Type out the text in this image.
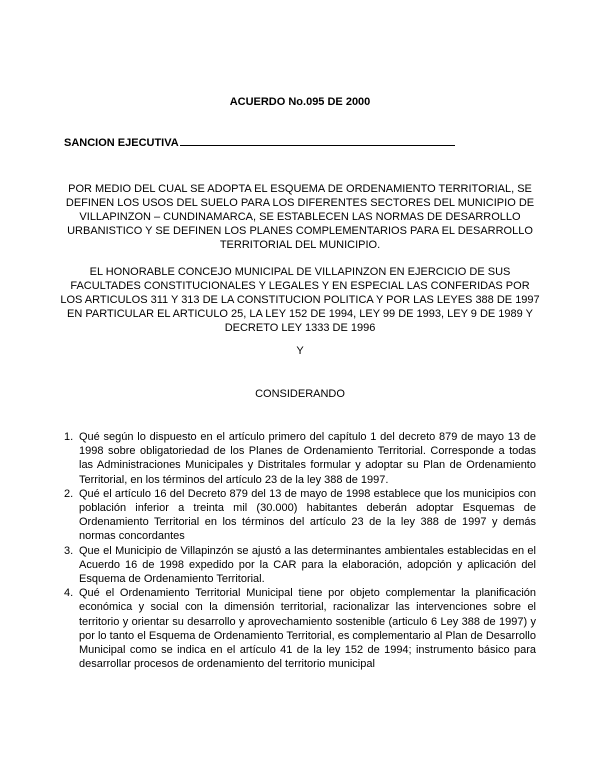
ACUERDO No.095 DE 2000
SANCION EJECUTIVA
POR MEDIO DEL CUAL SE ADOPTA EL ESQUEMA DE ORDENAMIENTO TERRITORIAL, SE DEFINEN LOS USOS DEL SUELO PARA LOS DIFERENTES SECTORES DEL MUNICIPIO DE VILLAPINZON – CUNDINAMARCA, SE ESTABLECEN LAS NORMAS DE DESARROLLO URBANISTICO Y SE DEFINEN LOS PLANES COMPLEMENTARIOS PARA EL DESARROLLO TERRITORIAL DEL MUNICIPIO.
EL HONORABLE CONCEJO MUNICIPAL DE VILLAPINZON EN EJERCICIO DE SUS FACULTADES CONSTITUCIONALES Y LEGALES Y EN ESPECIAL LAS CONFERIDAS POR LOS ARTICULOS 311 Y 313 DE LA CONSTITUCION POLITICA Y POR LAS LEYES 388 DE 1997 EN PARTICULAR EL ARTICULO 25, LA LEY 152 DE 1994, LEY 99 DE 1993, LEY 9 DE 1989 Y DECRETO LEY 1333 DE 1996
Y
CONSIDERANDO
1. Qué según lo dispuesto en el artículo primero del capítulo 1 del decreto 879 de mayo 13 de 1998 sobre obligatoriedad de los Planes de Ordenamiento Territorial. Corresponde a todas las Administraciones Municipales y Distritales formular y adoptar su Plan de Ordenamiento Territorial, en los términos del artículo 23 de la ley 388 de 1997.
2. Qué el artículo 16 del Decreto 879 del 13 de mayo de 1998 establece que los municipios con población inferior a treinta mil (30.000) habitantes deberán adoptar Esquemas de Ordenamiento Territorial en los términos del artículo 23 de la ley 388 de 1997 y demás normas concordantes
3. Que el Municipio de Villapinzón se ajustó a las determinantes ambientales establecidas en el Acuerdo 16 de 1998 expedido por la CAR para la elaboración, adopción y aplicación del Esquema de Ordenamiento Territorial.
4. Qué el Ordenamiento Territorial Municipal tiene por objeto complementar la planificación económica y social con la dimensión territorial, racionalizar las intervenciones sobre el territorio y orientar su desarrollo y aprovechamiento sostenible (articulo 6 Ley 388 de 1997) y por lo tanto el Esquema de Ordenamiento Territorial, es complementario al Plan de Desarrollo Municipal como se indica en el artículo 41 de la ley 152 de 1994; instrumento básico para desarrollar procesos de ordenamiento del territorio municipal
